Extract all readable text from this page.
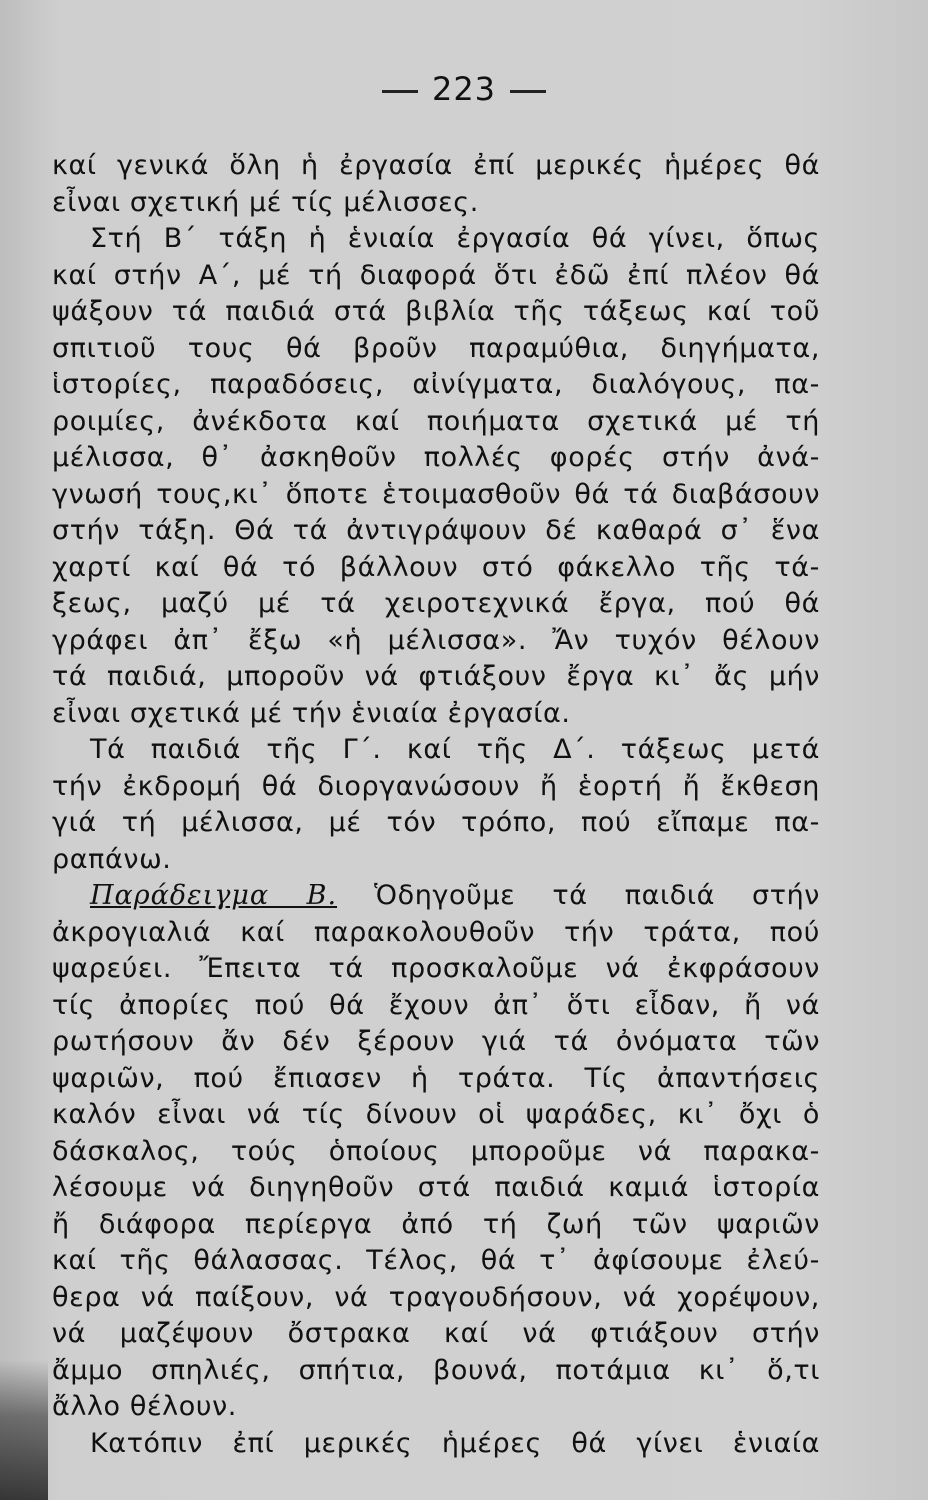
223
καί γενικά ὅλη ἡ ἐργασία ἐπί μερικές ἡμέρες θά
εἶναι σχετική μέ τίς μέλισσες.
Στή Β΄ τάξη ἡ ἑνιαία ἐργασία θά γίνει, ὅπως
καί στήν Α΄, μέ τή διαφορά ὅτι ἐδῶ ἐπί πλέον θά
ψάξουν τά παιδιά στά βιβλία τῆς τάξεως καί τοῦ
σπιτιοῦ τους θά βροῦν παραμύθια, διηγήματα,
ἱστορίες, παραδόσεις, αἰνίγματα, διαλόγους, πα-
ροιμίες, ἀνέκδοτα καί ποιήματα σχετικά μέ τή
μέλισσα, θ᾽ ἀσκηθοῦν πολλές φορές στήν ἀνά-
γνωσή τους,κι᾽ ὅποτε ἑτοιμασθοῦν θά τά διαβάσουν
στήν τάξη. Θά τά ἀντιγράψουν δέ καθαρά σ᾽ ἕνα
χαρτί καί θά τό βάλλουν στό φάκελλο τῆς τά-
ξεως, μαζύ μέ τά χειροτεχνικά ἔργα, πού θά
γράφει ἀπ᾽ ἔξω «ἡ μέλισσα». Ἄν τυχόν θέλουν
τά παιδιά, μποροῦν νά φτιάξουν ἔργα κι᾽ ἄς μήν
εἶναι σχετικά μέ τήν ἑνιαία ἐργασία.
Τά παιδιά τῆς Γ΄. καί τῆς Δ΄. τάξεως μετά
τήν ἐκδρομή θά διοργανώσουν ἤ ἑορτή ἤ ἔκθεση
γιά τή μέλισσα, μέ τόν τρόπο, πού εἴπαμε πα-
ραπάνω.
Παράδειγμα Β. Ὁδηγοῦμε τά παιδιά στήν
ἀκρογιαλιά καί παρακολουθοῦν τήν τράτα, πού
ψαρεύει. Ἔπειτα τά προσκαλοῦμε νά ἐκφράσουν
τίς ἀπορίες πού θά ἔχουν ἀπ᾽ ὅτι εἶδαν, ἤ νά
ρωτήσουν ἄν δέν ξέρουν γιά τά ὀνόματα τῶν
ψαριῶν, πού ἔπιασεν ἡ τράτα. Τίς ἀπαντήσεις
καλόν εἶναι νά τίς δίνουν οἱ ψαράδες, κι᾽ ὄχι ὁ
δάσκαλος, τούς ὁποίους μποροῦμε νά παρακα-
λέσουμε νά διηγηθοῦν στά παιδιά καμιά ἱστορία
ἤ διάφορα περίεργα ἀπό τή ζωή τῶν ψαριῶν
καί τῆς θάλασσας. Τέλος, θά τ᾽ ἀφίσουμε ἐλεύ-
θερα νά παίξουν, νά τραγουδήσουν, νά χορέψουν,
νά μαζέψουν ὄστρακα καί νά φτιάξουν στήν
ἄμμο σπηλιές, σπήτια, βουνά, ποτάμια κι᾽ ὅ,τι
ἄλλο θέλουν.
Κατόπιν ἐπί μερικές ἡμέρες θά γίνει ἑνιαία
